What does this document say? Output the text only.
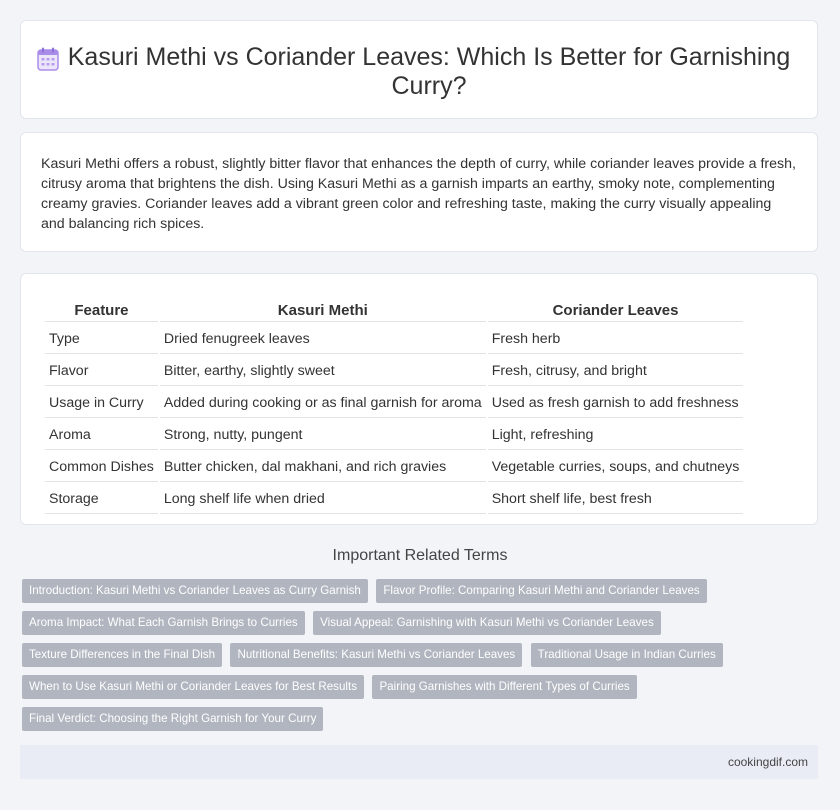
Kasuri Methi vs Coriander Leaves: Which Is Better for Garnishing Curry?

Kasuri Methi offers a robust, slightly bitter flavor that enhances the depth of curry, while coriander leaves provide a fresh, citrusy aroma that brightens the dish. Using Kasuri Methi as a garnish imparts an earthy, smoky note, complementing creamy gravies. Coriander leaves add a vibrant green color and refreshing taste, making the curry visually appealing and balancing rich spices.

Feature	Kasuri Methi	Coriander Leaves
Type	Dried fenugreek leaves	Fresh herb
Flavor	Bitter, earthy, slightly sweet	Fresh, citrusy, and bright
Usage in Curry	Added during cooking or as final garnish for aroma	Used as fresh garnish to add freshness
Aroma	Strong, nutty, pungent	Light, refreshing
Common Dishes	Butter chicken, dal makhani, and rich gravies	Vegetable curries, soups, and chutneys
Storage	Long shelf life when dried	Short shelf life, best fresh
Important Related Terms
Introduction: Kasuri Methi vs Coriander Leaves as Curry Garnish Flavor Profile: Comparing Kasuri Methi and Coriander Leaves Aroma Impact: What Each Garnish Brings to Curries Visual Appeal: Garnishing with Kasuri Methi vs Coriander Leaves Texture Differences in the Final Dish Nutritional Benefits: Kasuri Methi vs Coriander Leaves Traditional Usage in Indian Curries When to Use Kasuri Methi or Coriander Leaves for Best Results Pairing Garnishes with Different Types of Curries Final Verdict: Choosing the Right Garnish for Your Curry
cookingdif.com
